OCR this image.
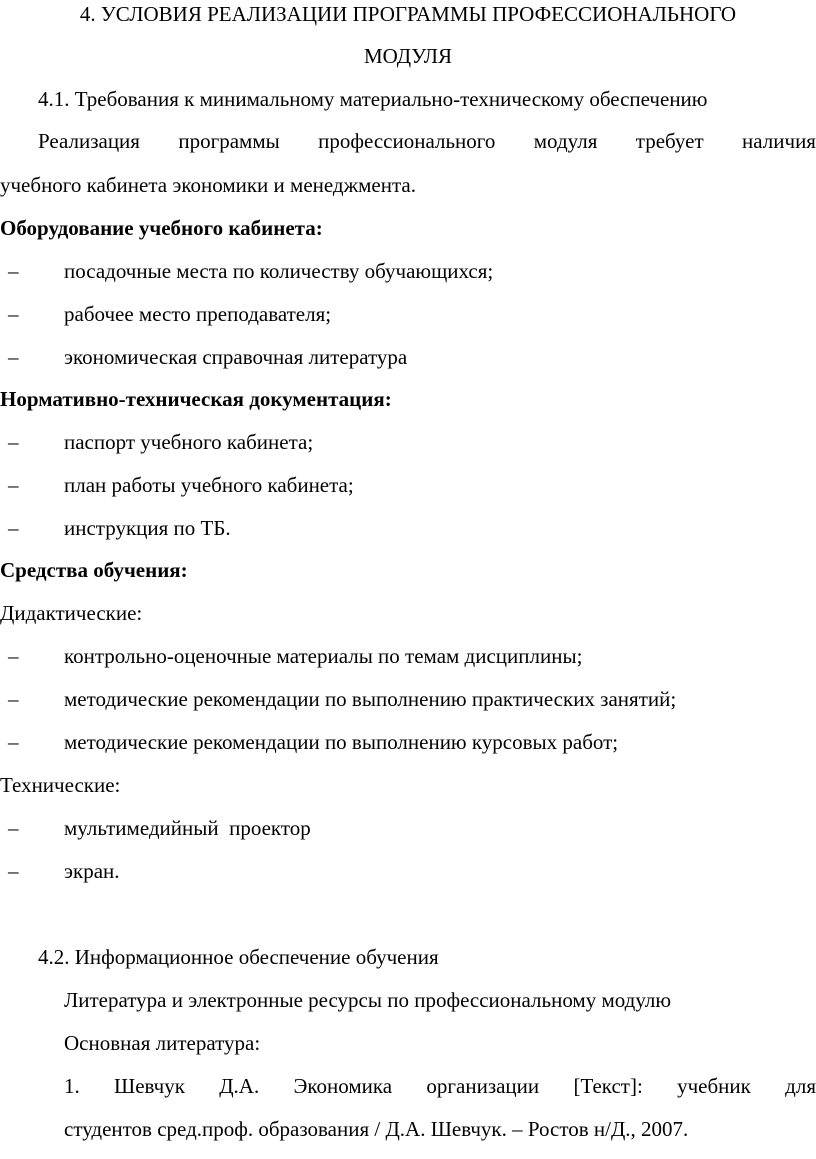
4. УСЛОВИЯ РЕАЛИЗАЦИИ ПРОГРАММЫ ПРОФЕССИОНАЛЬНОГО
МОДУЛЯ
4.1. Требования к минимальному материально-техническому обеспечению
Реализация программы профессионального модуля требует наличия
учебного кабинета экономики и менеджмента.
Оборудование учебного кабинета:
– посадочные места по количеству обучающихся;
– рабочее место преподавателя;
– экономическая справочная литература
Нормативно-техническая документация:
– паспорт учебного кабинета;
– план работы учебного кабинета;
– инструкция по ТБ.
Средства обучения:
Дидактические:
– контрольно-оценочные материалы по темам дисциплины;
– методические рекомендации по выполнению практических занятий;
– методические рекомендации по выполнению курсовых работ;
Технические:
– мультимедийный  проектор
– экран.
4.2. Информационное обеспечение обучения
Литература и электронные ресурсы по профессиональному модулю
Основная литература:
1. Шевчук Д.А. Экономика организации [Текст]: учебник для
студентов сред.проф. образования / Д.А. Шевчук. – Ростов н/Д., 2007.
